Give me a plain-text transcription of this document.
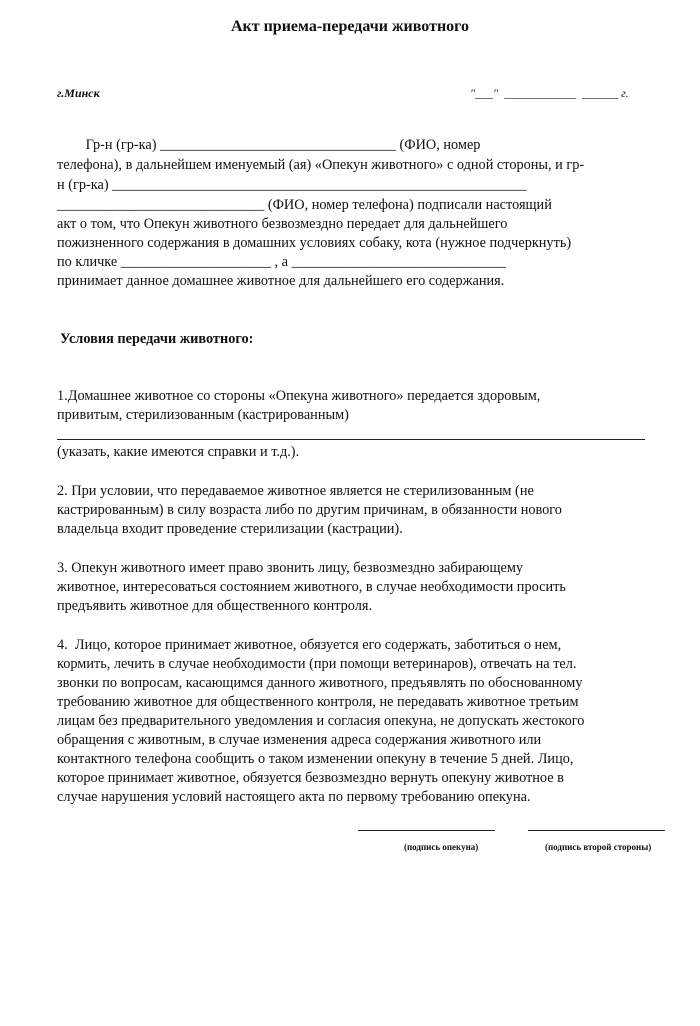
Акт приема-передачи животного
г.Минск	"___"  ____________  ______ г.
Гр-н (гр-ка) _________________________________ (ФИО, номер
телефона), в дальнейшем именуемый (ая) «Опекун животного» с одной стороны, и гр-
н (гр-ка) __________________________________________________________
_____________________________ (ФИО, номер телефона) подписали настоящий
акт о том, что Опекун животного безвозмездно передает для дальнейшего
пожизненного содержания в домашних условиях собаку, кота (нужное подчеркнуть)
по кличке _____________________ , а ______________________________
принимает данное домашнее животное для дальнейшего его содержания.
Условия передачи животного:
1.Домашнее животное со стороны «Опекуна животного» передается здоровым,
привитым, стерилизованным (кастрированным)
(указать, какие имеются справки и т.д.).
2. При условии, что передаваемое животное является не стерилизованным (не
кастрированным) в силу возраста либо по другим причинам, в обязанности нового
владельца входит проведение стерилизации (кастрации).
3. Опекун животного имеет право звонить лицу, безвозмездно забирающему
животное, интересоваться состоянием животного, в случае необходимости просить
предъявить животное для общественного контроля.
4.  Лицо, которое принимает животное, обязуется его содержать, заботиться о нем,
кормить, лечить в случае необходимости (при помощи ветеринаров), отвечать на тел.
звонки по вопросам, касающимся данного животного, предъявлять по обоснованному
требованию животное для общественного контроля, не передавать животное третьим
лицам без предварительного уведомления и согласия опекуна, не допускать жестокого
обращения с животным, в случае изменения адреса содержания животного или
контактного телефона сообщить о таком изменении опекуну в течение 5 дней. Лицо,
которое принимает животное, обязуется безвозмездно вернуть опекуну животное в
случае нарушения условий настоящего акта по первому требованию опекуна.
(подпись опекуна)	(подпись второй стороны)
